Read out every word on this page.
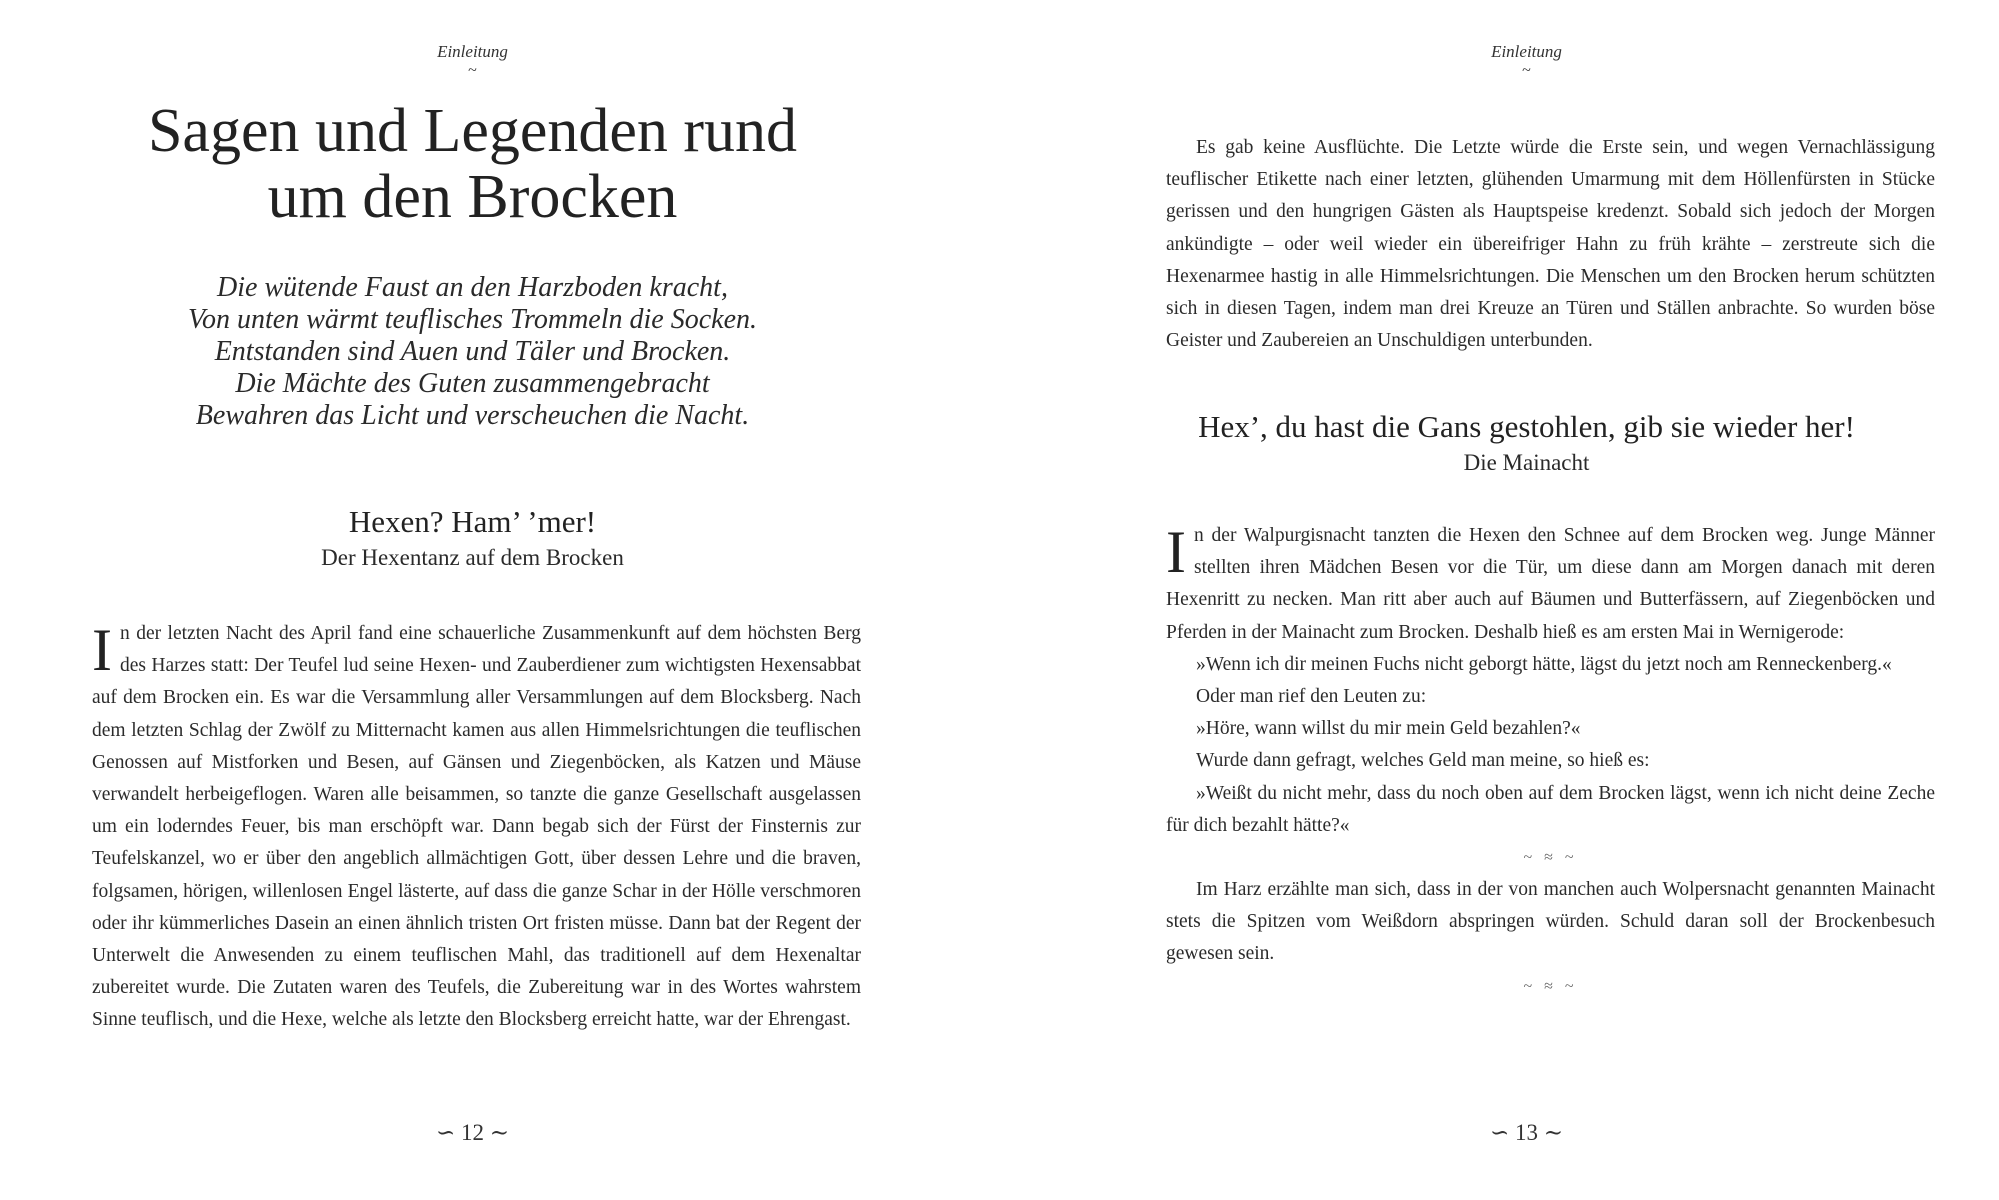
Einleitung
~
Sagen und Legenden rund
um den Brocken
Die wütende Faust an den Harzboden kracht,
Von unten wärmt teuflisches Trommeln die Socken.
Entstanden sind Auen und Täler und Brocken.
Die Mächte des Guten zusammengebracht
Bewahren das Licht und verscheuchen die Nacht.
Hexen? Ham’ ’mer!
Der Hexentanz auf dem Brocken

In der letzten Nacht des April fand eine schauerliche Zusammenkunft auf dem höchsten Berg des Harzes statt: Der Teufel lud seine Hexen- und Zauberdiener zum wichtigsten Hexensabbat auf dem Brocken ein. Es war die Versammlung aller Versammlungen auf dem Blocksberg. Nach dem letzten Schlag der Zwölf zu Mitternacht kamen aus allen Himmelsrichtungen die teuflischen Genossen auf Mistforken und Besen, auf Gänsen und Ziegenböcken, als Katzen und Mäuse verwandelt herbeigeflogen. Waren alle beisammen, so tanzte die ganze Gesellschaft ausgelassen um ein loderndes Feuer, bis man erschöpft war. Dann begab sich der Fürst der Finsternis zur Teufelskanzel, wo er über den angeblich allmächtigen Gott, über dessen Lehre und die braven, folgsamen, hörigen, willenlosen Engel lästerte, auf dass die ganze Schar in der Hölle verschmoren oder ihr kümmerliches Dasein an einen ähnlich tristen Ort fristen müsse. Dann bat der Regent der Unterwelt die Anwesenden zu einem teuflischen Mahl, das traditionell auf dem Hexenaltar zubereitet wurde. Die Zutaten waren des Teufels, die Zubereitung war in des Wortes wahrstem Sinne teuflisch, und die Hexe, welche als letzte den Blocksberg erreicht hatte, war der Ehrengast.

∽ 12 ∼
Einleitung
~

Es gab keine Ausflüchte. Die Letzte würde die Erste sein, und wegen Vernachlässigung teuflischer Etikette nach einer letzten, glühenden Umarmung mit dem Höllenfürsten in Stücke gerissen und den hungrigen Gästen als Hauptspeise kredenzt. Sobald sich jedoch der Morgen ankündigte – oder weil wieder ein übereifriger Hahn zu früh krähte – zerstreute sich die Hexenarmee hastig in alle Himmelsrichtungen. Die Menschen um den Brocken herum schützten sich in diesen Tagen, indem man drei Kreuze an Türen und Ställen anbrachte. So wurden böse Geister und Zaubereien an Unschuldigen unterbunden.

Hex’, du hast die Gans gestohlen, gib sie wieder her!
Die Mainacht

In der Walpurgisnacht tanzten die Hexen den Schnee auf dem Brocken weg. Junge Männer stellten ihren Mädchen Besen vor die Tür, um diese dann am Morgen danach mit deren Hexenritt zu necken. Man ritt aber auch auf Bäumen und Butterfässern, auf Ziegenböcken und Pferden in der Mainacht zum Brocken. Deshalb hieß es am ersten Mai in Wernigerode:

»Wenn ich dir meinen Fuchs nicht geborgt hätte, lägst du jetzt noch am Renneckenberg.«

Oder man rief den Leuten zu:

»Höre, wann willst du mir mein Geld bezahlen?«

Wurde dann gefragt, welches Geld man meine, so hieß es:

»Weißt du nicht mehr, dass du noch oben auf dem Brocken lägst, wenn ich nicht deine Zeche für dich bezahlt hätte?«

~ ≈ ~

Im Harz erzählte man sich, dass in der von manchen auch Wolpersnacht genannten Mainacht stets die Spitzen vom Weißdorn abspringen würden. Schuld daran soll der Brockenbesuch gewesen sein.

~ ≈ ~
∽ 13 ∼
